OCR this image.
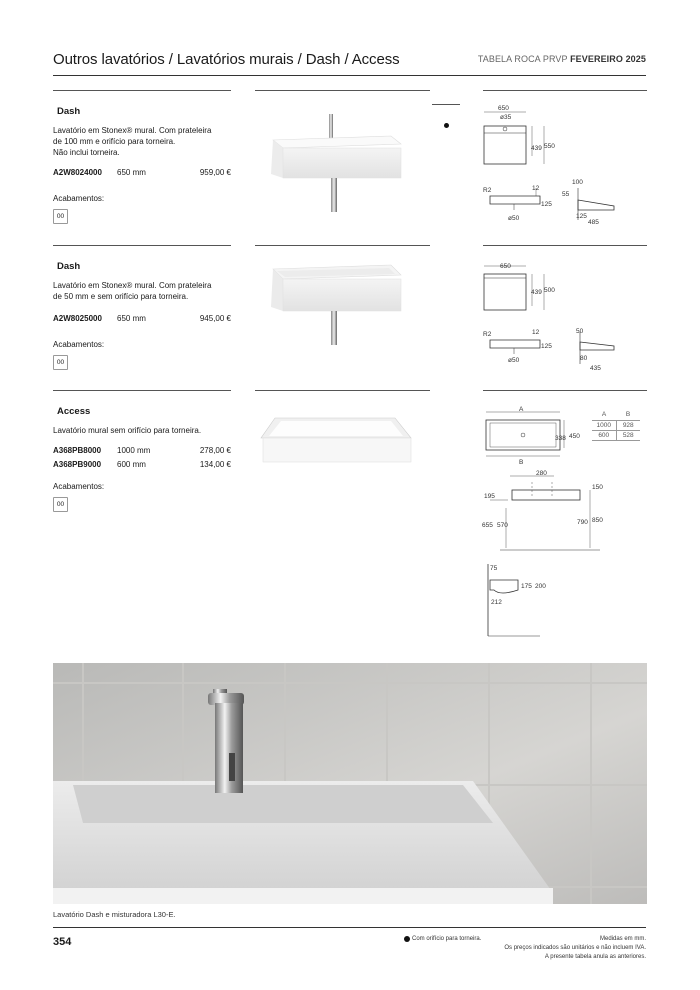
Outros lavatórios / Lavatórios murais / Dash / Access	TABELA ROCA PRVP FEVEREIRO 2025
Dash
Lavatório em Stonex® mural. Com prateleira
de 100 mm e orifício para torneira.
Não inclui torneira.
A2W8024000	650 mm	959,00 €
Acabamentos:
00
Dash
Lavatório em Stonex® mural. Com prateleira
de 50 mm e sem orifício para torneira.
A2W8025000	650 mm	945,00 €
Acabamentos:
00
Access
Lavatório mural sem orifício para torneira.
A368PB8000	1000 mm	278,00 €
A368PB9000	600 mm	134,00 €
Acabamentos:
00
650
ø35
439 550
R2	12
125
ø50
100
55
125
485
650
439 500
R2	12
125
ø50
50
80
435
A
B
338 450
A	B
1000	928
600	528
280
195
150
655 570	790 850
75
175 200
212
Lavatório Dash e misturadora L30-E.
354	Com orifício para torneira.	Medidas em mm.
Os preços indicados são unitários e não incluem IVA.
A presente tabela anula as anteriores.
